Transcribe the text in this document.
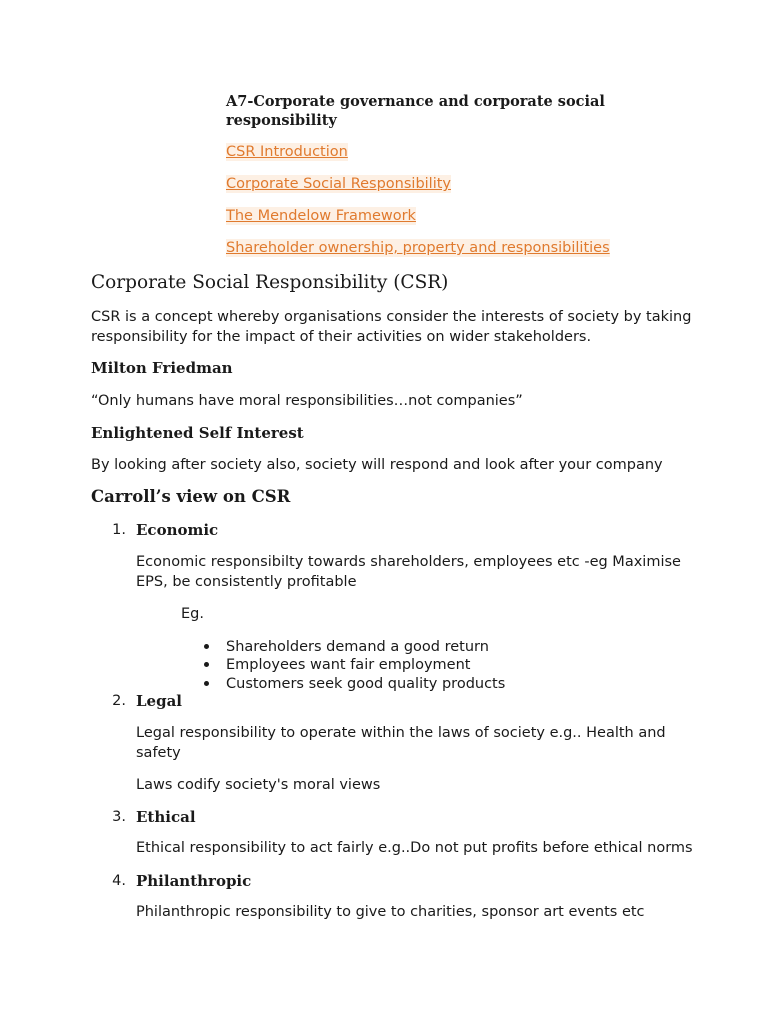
A7-Corporate governance and corporate social responsibility
CSR Introduction
Corporate Social Responsibility
The Mendelow Framework
Shareholder ownership, property and responsibilities
Corporate Social Responsibility (CSR)
CSR is a concept whereby organisations consider the interests of society by taking
responsibility for the impact of their activities on wider stakeholders.
Milton Friedman
“Only humans have moral responsibilities…not companies”
Enlightened Self Interest
By looking after society also, society will respond and look after your company
Carroll’s view on CSR
1. Economic
Economic responsibilty towards shareholders, employees etc -eg Maximise
EPS, be consistently profitable
Eg.
Shareholders demand a good return
Employees want fair employment
Customers seek good quality products
2. Legal
Legal responsibility to operate within the laws of society e.g.. Health and
safety
Laws codify society's moral views
3. Ethical
Ethical responsibility to act fairly e.g..Do not put profits before ethical norms
4. Philanthropic
Philanthropic responsibility to give to charities, sponsor art events etc
